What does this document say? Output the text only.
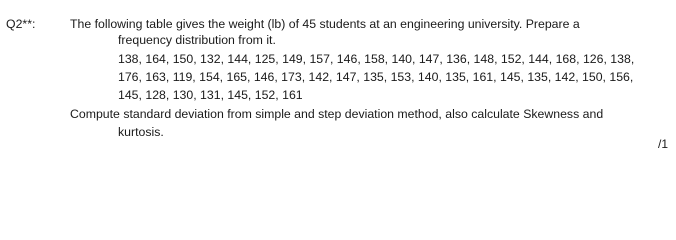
Q2**:	The following table gives the weight (lb) of 45 students at an engineering university. Prepare a
frequency distribution from it.
138, 164, 150, 132, 144, 125, 149, 157, 146, 158, 140, 147, 136, 148, 152, 144, 168, 126, 138,
176, 163, 119, 154, 165, 146, 173, 142, 147, 135, 153, 140, 135, 161, 145, 135, 142, 150, 156,
145, 128, 130, 131, 145, 152, 161
Compute standard deviation from simple and step deviation method, also calculate Skewness and
kurtosis.
/1
